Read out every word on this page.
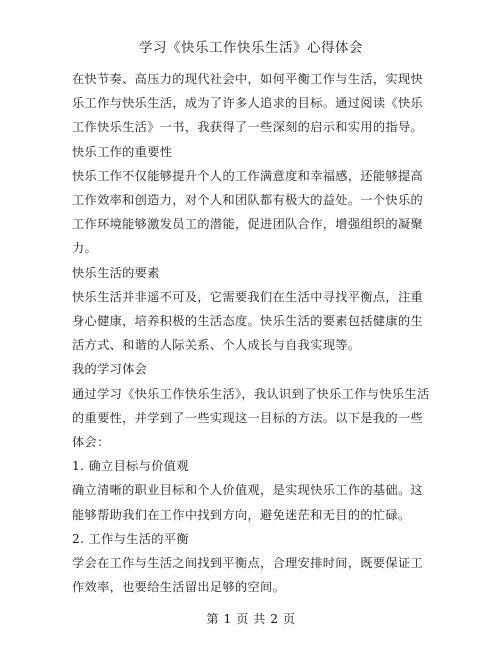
学习《快乐工作快乐生活》心得体会

在快节奏、高压力的现代社会中，如何平衡工作与生活，实现快乐工作与快乐生活，成为了许多人追求的目标。通过阅读《快乐工作快乐生活》一书，我获得了一些深刻的启示和实用的指导。

快乐工作的重要性

快乐工作不仅能够提升个人的工作满意度和幸福感，还能够提高工作效率和创造力，对个人和团队都有极大的益处。一个快乐的工作环境能够激发员工的潜能，促进团队合作，增强组织的凝聚力。

快乐生活的要素

快乐生活并非遥不可及，它需要我们在生活中寻找平衡点，注重身心健康，培养积极的生活态度。快乐生活的要素包括健康的生活方式、和谐的人际关系、个人成长与自我实现等。

我的学习体会

通过学习《快乐工作快乐生活》，我认识到了快乐工作与快乐生活的重要性，并学到了一些实现这一目标的方法。以下是我的一些体会：

1. 确立目标与价值观

确立清晰的职业目标和个人价值观，是实现快乐工作的基础。这能够帮助我们在工作中找到方向，避免迷茫和无目的的忙碌。

2. 工作与生活的平衡

学会在工作与生活之间找到平衡点，合理安排时间，既要保证工作效率，也要给生活留出足够的空间。

第 1 页 共 2 页
